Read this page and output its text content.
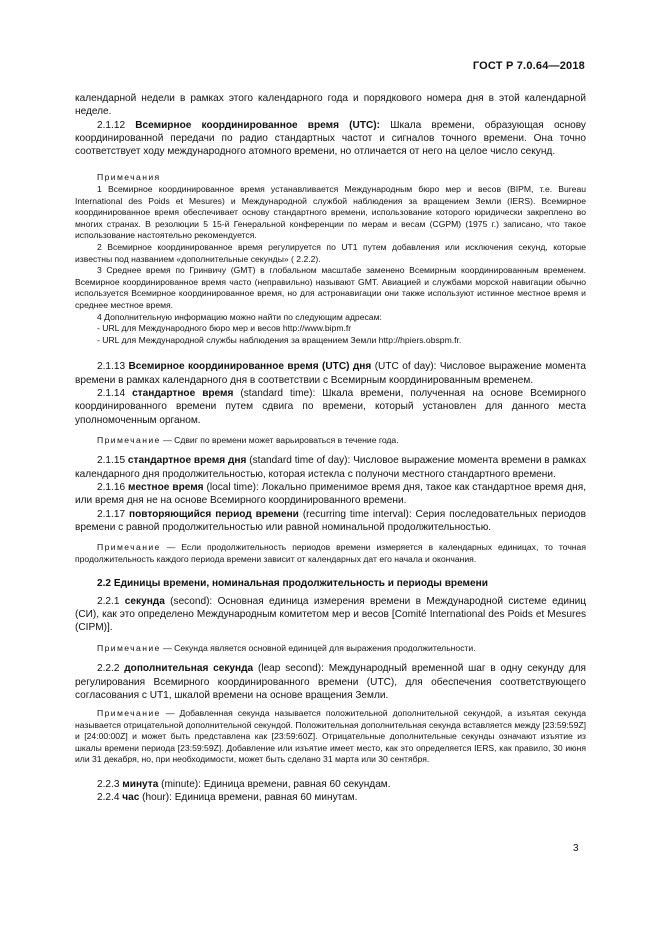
ГОСТ Р 7.0.64—2018

календарной недели в рамках этого календарного года и порядкового номера дня в этой календарной неделе.

2.1.12 Всемирное координированное время (UTC): Шкала времени, образующая основу координированной передачи по радио стандартных частот и сигналов точного времени. Она точно соответствует ходу международного атомного времени, но отличается от него на целое число секунд.

Примечания

1 Всемирное координированное время устанавливается Международным бюро мер и весов (BIPM, т.е. Bureau International des Poids et Mesures) и Международной службой наблюдения за вращением Земли (IERS). Всемирное координированное время обеспечивает основу стандартного времени, использование которого юридически закреплено во многих странах. В резолюции 5 15-й Генеральной конференции по мерам и весам (CGPM) (1975 г.) записано, что такое использование настоятельно рекомендуется.

2 Всемирное координированное время регулируется по UT1 путем добавления или исключения секунд, которые известны под названием «дополнительные секунды» ( 2.2.2).

3 Среднее время по Гринвичу (GMT) в глобальном масштабе заменено Всемирным координированным временем. Всемирное координированное время часто (неправильно) называют GMT. Авиацией и службами морской навигации обычно используется Всемирное координированное время, но для астронавигации они также используют истинное местное время и среднее местное время.

4 Дополнительную информацию можно найти по следующим адресам:

- URL для Международного бюро мер и весов http://www.bipm.fr

- URL для Международной службы наблюдения за вращением Земли http://hpiers.obspm.fr.

2.1.13 Всемирное координированное время (UTC) дня (UTC of day): Числовое выражение момента времени в рамках календарного дня в соответствии с Всемирным координированным временем.

2.1.14 стандартное время (standard time): Шкала времени, полученная на основе Всемирного координированного времени путем сдвига по времени, который установлен для данного места уполномоченным органом.

Примечание — Сдвиг по времени может варьироваться в течение года.

2.1.15 стандартное время дня (standard time of day): Числовое выражение момента времени в рамках календарного дня продолжительностью, которая истекла с полуночи местного стандартного времени.

2.1.16 местное время (local time): Локально применимое время дня, такое как стандартное время дня, или время дня не на основе Всемирного координированного времени.

2.1.17 повторяющийся период времени (recurring time interval): Серия последовательных периодов времени с равной продолжительностью или равной номинальной продолжительностью.

Примечание — Если продолжительность периодов времени измеряется в календарных единицах, то точная продолжительность каждого периода времени зависит от календарных дат его начала и окончания.

2.2 Единицы времени, номинальная продолжительность и периоды времени

2.2.1 секунда (second): Основная единица измерения времени в Международной системе единиц (СИ), как это определено Международным комитетом мер и весов [Comité International des Poids et Mesures (CIPM)].

Примечание — Секунда является основной единицей для выражения продолжительности.

2.2.2 дополнительная секунда (leap second): Международный временной шаг в одну секунду для регулирования Всемирного координированного времени (UTC), для обеспечения соответствующего согласования с UT1, шкалой времени на основе вращения Земли.

Примечание — Добавленная секунда называется положительной дополнительной секундой, а изъятая секунда называется отрицательной дополнительной секундой. Положительная дополнительная секунда вставляется между [23:59:59Z] и [24:00:00Z] и может быть представлена как [23:59:60Z]. Отрицательные дополнительные секунды означают изъятие из шкалы времени периода [23:59:59Z]. Добавление или изъятие имеет место, как это определяется IERS, как правило, 30 июня или 31 декабря, но, при необходимости, может быть сделано 31 марта или 30 сентября.

2.2.3 минута (minute): Единица времени, равная 60 секундам.

2.2.4 час (hour): Единица времени, равная 60 минутам.

3
